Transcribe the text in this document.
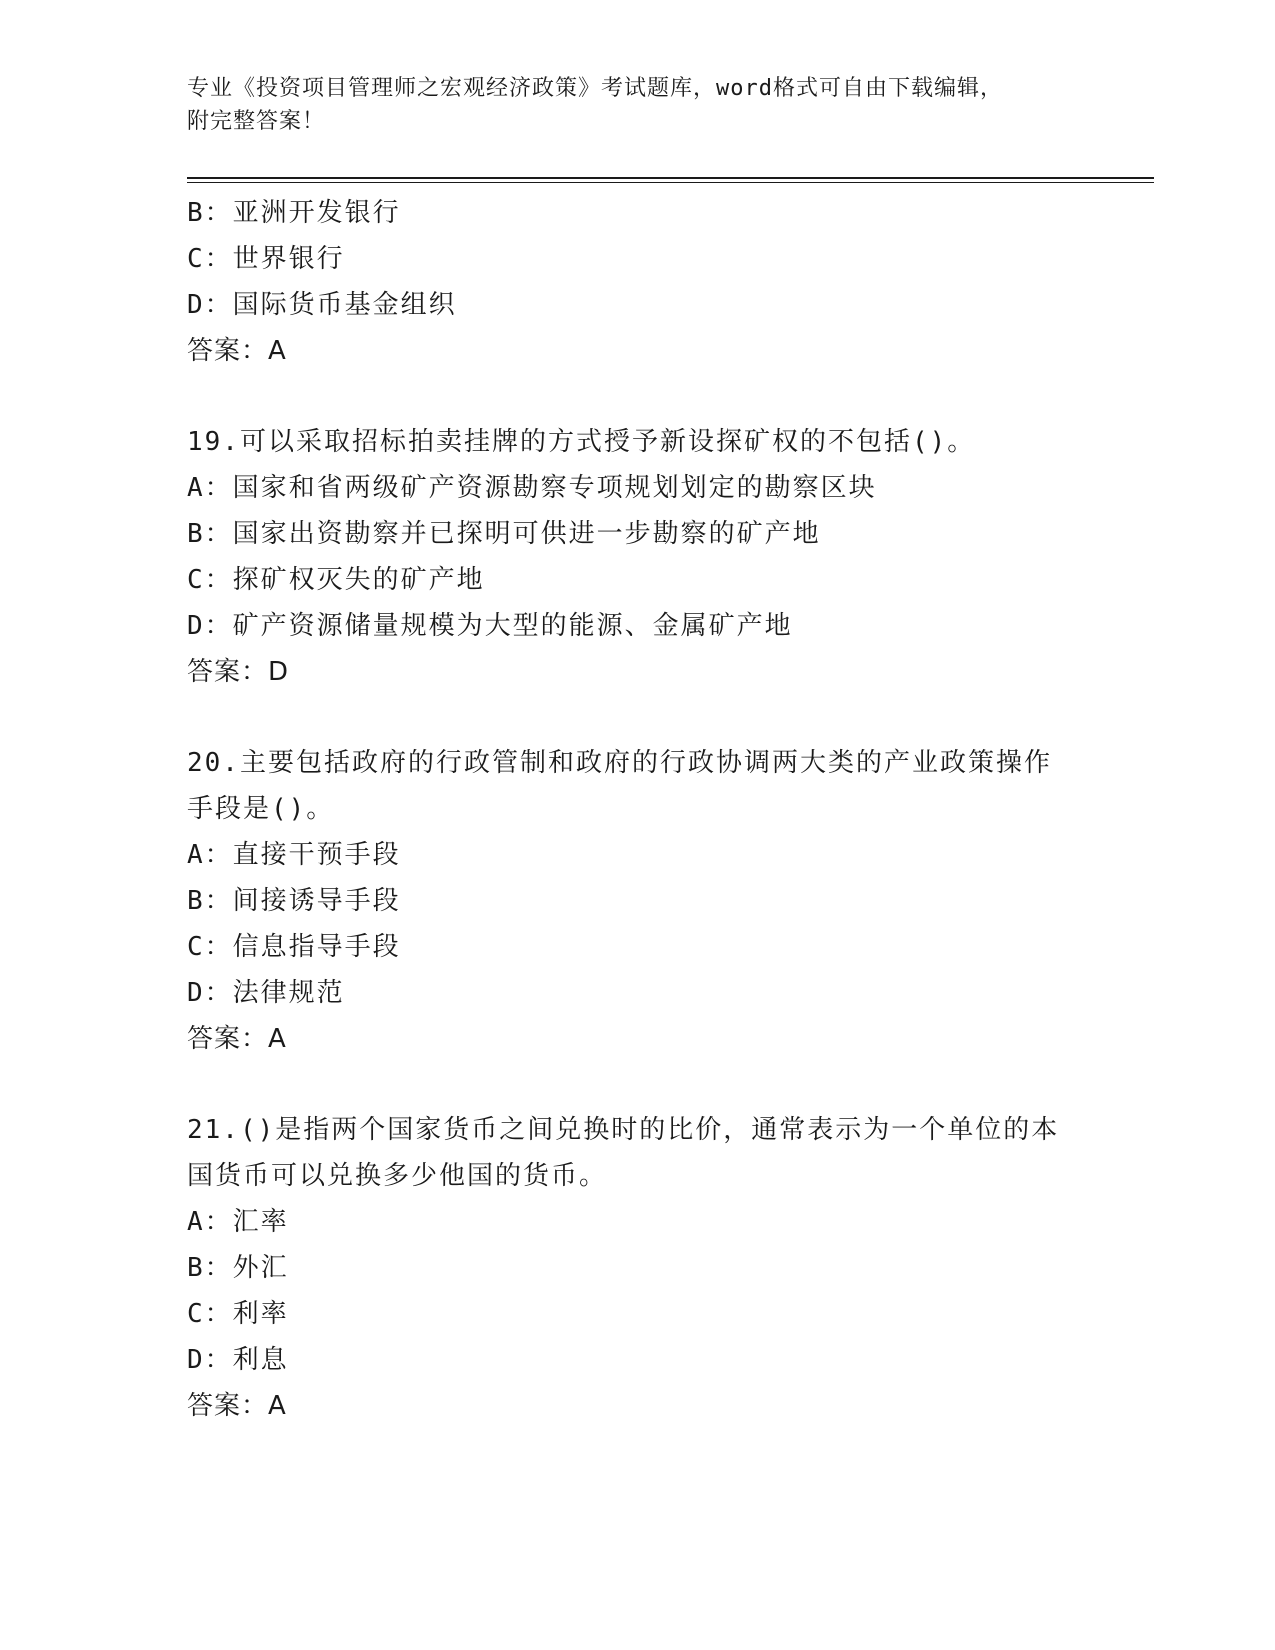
专业《投资项目管理师之宏观经济政策》考试题库，word格式可自由下载编辑，
附完整答案！
B：亚洲开发银行
C：世界银行
D：国际货币基金组织
答案：A
19.可以采取招标拍卖挂牌的方式授予新设探矿权的不包括()。
A：国家和省两级矿产资源勘察专项规划划定的勘察区块
B：国家出资勘察并已探明可供进一步勘察的矿产地
C：探矿权灭失的矿产地
D：矿产资源储量规模为大型的能源、金属矿产地
答案：D
20.主要包括政府的行政管制和政府的行政协调两大类的产业政策操作
手段是()。
A：直接干预手段
B：间接诱导手段
C：信息指导手段
D：法律规范
答案：A
21.()是指两个国家货币之间兑换时的比价，通常表示为一个单位的本
国货币可以兑换多少他国的货币。
A：汇率
B：外汇
C：利率
D：利息
答案：A
